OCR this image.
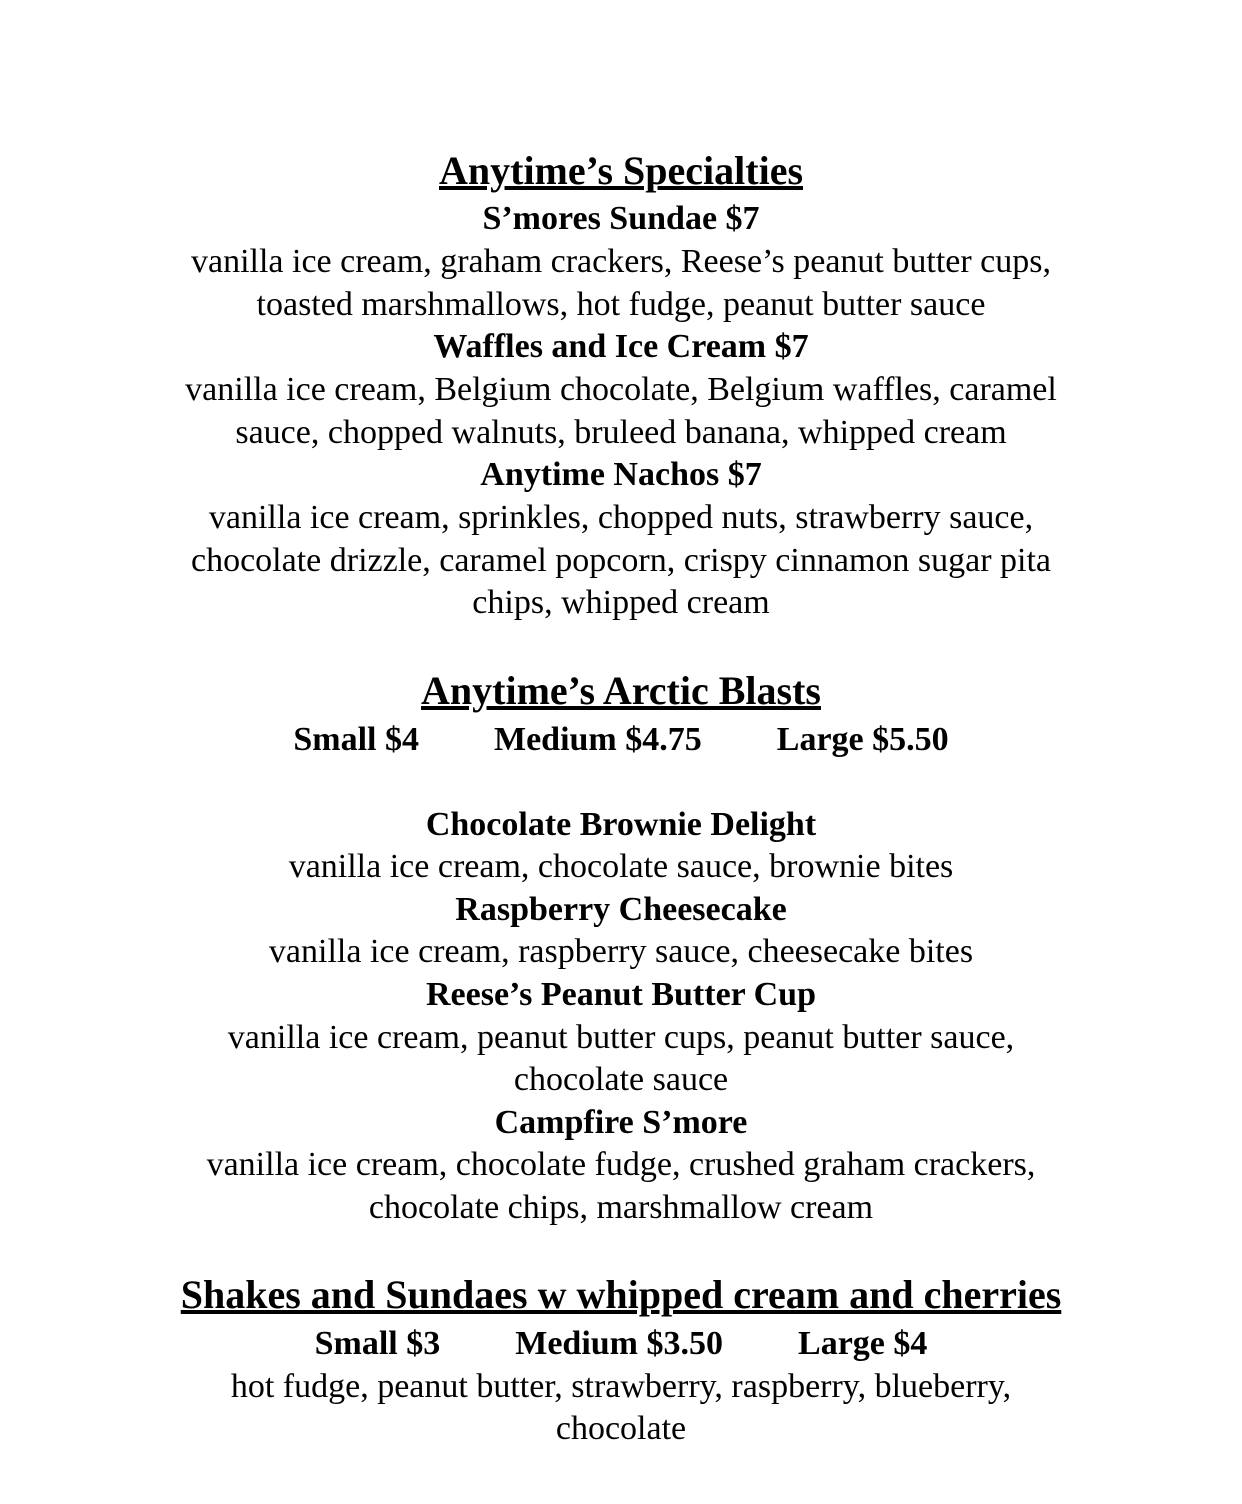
Anytime’s Specialties
S’mores Sundae $7
vanilla ice cream, graham crackers, Reese’s peanut butter cups,
toasted marshmallows, hot fudge, peanut butter sauce
Waffles and Ice Cream $7
vanilla ice cream, Belgium chocolate, Belgium waffles, caramel
sauce, chopped walnuts, bruleed banana, whipped cream
Anytime Nachos $7
vanilla ice cream, sprinkles, chopped nuts, strawberry sauce,
chocolate drizzle, caramel popcorn, crispy cinnamon sugar pita
chips, whipped cream
Anytime’s Arctic Blasts
Small $4 Medium $4.75 Large $5.50
Chocolate Brownie Delight
vanilla ice cream, chocolate sauce, brownie bites
Raspberry Cheesecake
vanilla ice cream, raspberry sauce, cheesecake bites
Reese’s Peanut Butter Cup
vanilla ice cream, peanut butter cups, peanut butter sauce,
chocolate sauce
Campfire S’more
vanilla ice cream, chocolate fudge, crushed graham crackers,
chocolate chips, marshmallow cream
Shakes and Sundaes w whipped cream and cherries
Small $3 Medium $3.50 Large $4
hot fudge, peanut butter, strawberry, raspberry, blueberry,
chocolate
